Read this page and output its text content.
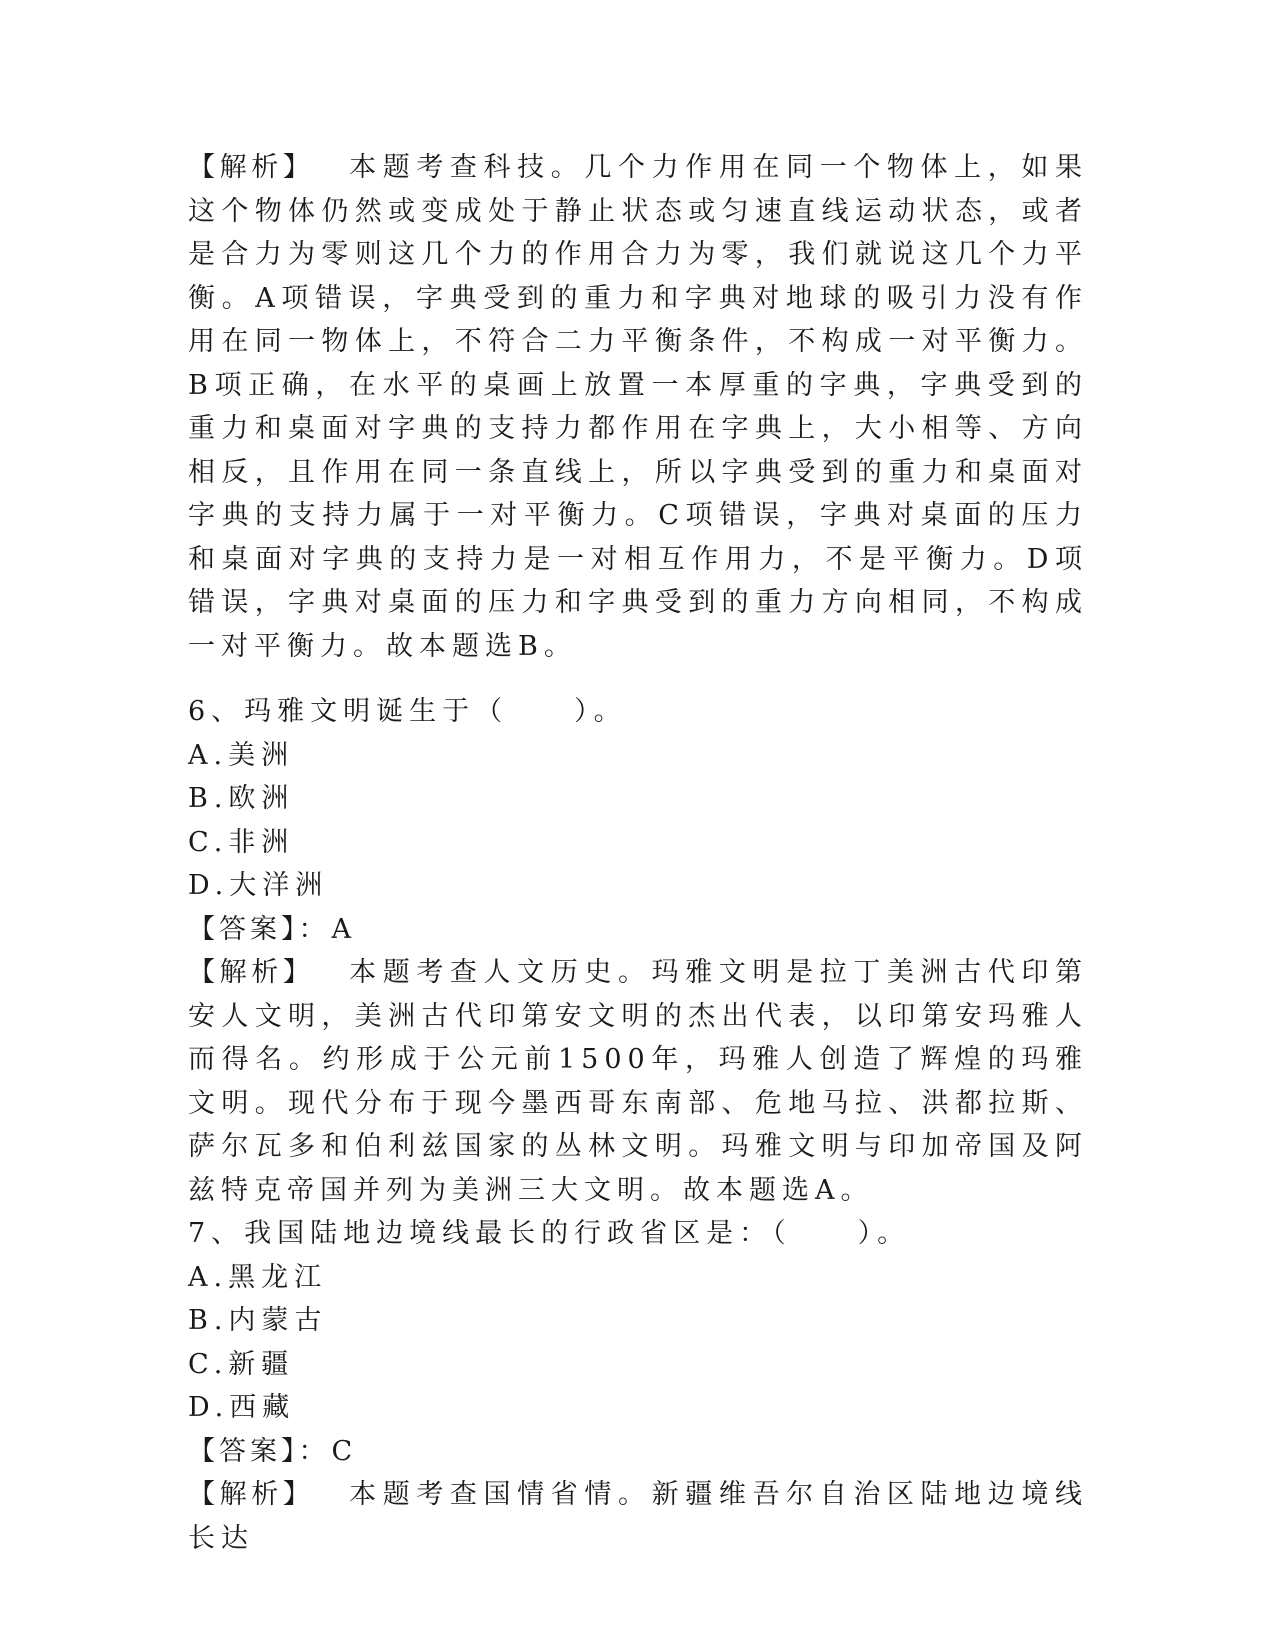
【解析】 本题考查科技。几个力作用在同一个物体上，如果这个物体仍然或变成处于静止状态或匀速直线运动状态，或者是合力为零则这几个力的作用合力为零，我们就说这几个力平衡。A项错误，字典受到的重力和字典对地球的吸引力没有作用在同一物体上，不符合二力平衡条件，不构成一对平衡力。B项正确，在水平的桌画上放置一本厚重的字典，字典受到的重力和桌面对字典的支持力都作用在字典上，大小相等、方向相反，且作用在同一条直线上，所以字典受到的重力和桌面对字典的支持力属于一对平衡力。C项错误，字典对桌面的压力和桌面对字典的支持力是一对相互作用力，不是平衡力。D项错误，字典对桌面的压力和字典受到的重力方向相同，不构成一对平衡力。故本题选B。

6、玛雅文明诞生于（　　）。

A.美洲

B.欧洲

C.非洲

D.大洋洲

【答案】：A

【解析】 本题考查人文历史。玛雅文明是拉丁美洲古代印第安人文明，美洲古代印第安文明的杰出代表，以印第安玛雅人而得名。约形成于公元前1500年，玛雅人创造了辉煌的玛雅文明。现代分布于现今墨西哥东南部、危地马拉、洪都拉斯、萨尔瓦多和伯利兹国家的丛林文明。玛雅文明与印加帝国及阿兹特克帝国并列为美洲三大文明。故本题选A。

7、我国陆地边境线最长的行政省区是：（　　）。

A.黑龙江

B.内蒙古

C.新疆

D.西藏

【答案】：C

【解析】 本题考查国情省情。新疆维吾尔自治区陆地边境线长达
